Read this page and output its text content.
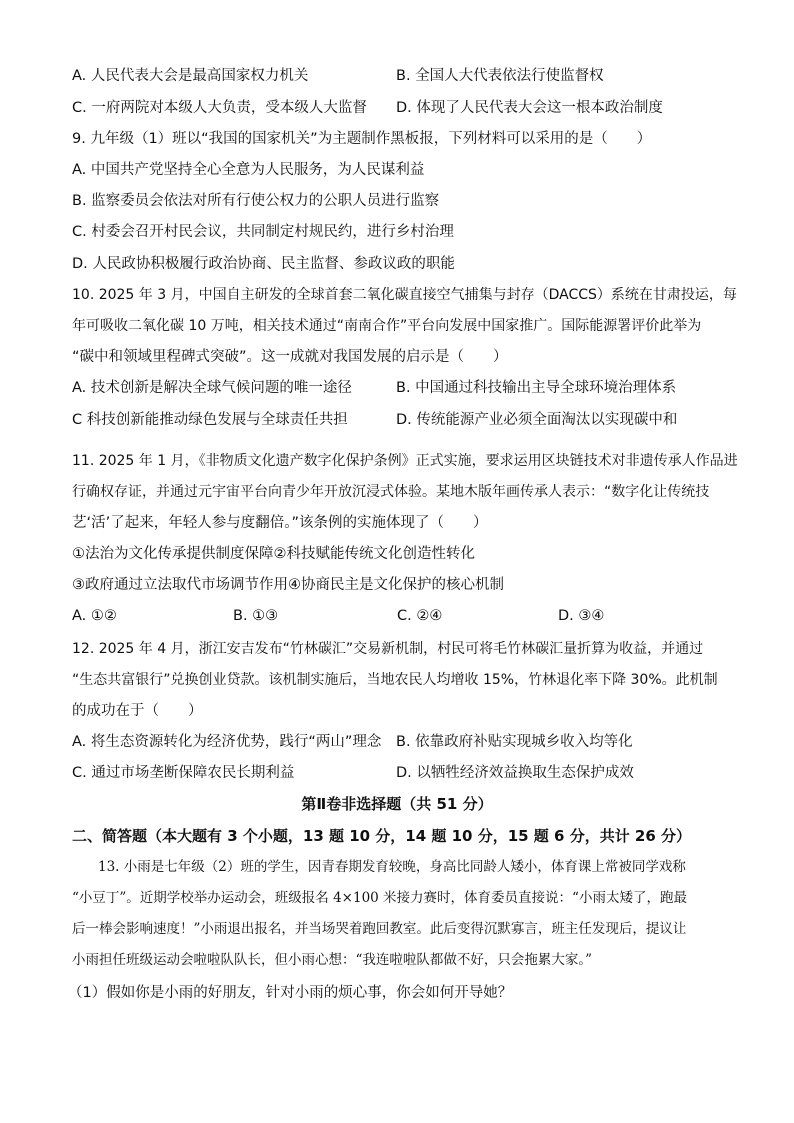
A. 人民代表大会是最高国家权力机关	B. 全国人大代表依法行使监督权
C. 一府两院对本级人大负责，受本级人大监督 D. 体现了人民代表大会这一根本政治制度
9. 九年级（1）班以“我国的国家机关”为主题制作黑板报，下列材料可以采用的是（　　）
A. 中国共产党坚持全心全意为人民服务，为人民谋利益
B. 监察委员会依法对所有行使公权力的公职人员进行监察
C. 村委会召开村民会议，共同制定村规民约，进行乡村治理
D. 人民政协积极履行政治协商、民主监督、参政议政的职能
10. 2025 年 3 月，中国自主研发的全球首套二氧化碳直接空气捕集与封存（DACCS）系统在甘肃投运，每
年可吸收二氧化碳 10 万吨，相关技术通过“南南合作”平台向发展中国家推广。国际能源署评价此举为
“碳中和领域里程碑式突破”。这一成就对我国发展的启示是（　　）
A. 技术创新是解决全球气候问题的唯一途径	B. 中国通过科技输出主导全球环境治理体系
C 科技创新能推动绿色发展与全球责任共担	D. 传统能源产业必须全面淘汰以实现碳中和
11. 2025 年 1 月，《非物质文化遗产数字化保护条例》正式实施，要求运用区块链技术对非遗传承人作品进
行确权存证，并通过元宇宙平台向青少年开放沉浸式体验。某地木版年画传承人表示：“数字化让传统技
艺‘活’了起来，年轻人参与度翻倍。”该条例的实施体现了（　　）
①法治为文化传承提供制度保障②科技赋能传统文化创造性转化
③政府通过立法取代市场调节作用④协商民主是文化保护的核心机制
A. ①②	B. ①③	C. ②④	D. ③④
12. 2025 年 4 月，浙江安吉发布“竹林碳汇”交易新机制，村民可将毛竹林碳汇量折算为收益，并通过
“生态共富银行”兑换创业贷款。该机制实施后，当地农民人均增收 15%，竹林退化率下降 30%。此机制
的成功在于（　　）
A. 将生态资源转化为经济优势，践行“两山”理念 B. 依靠政府补贴实现城乡收入均等化
C. 通过市场垄断保障农民长期利益	D. 以牺牲经济效益换取生态保护成效
第Ⅱ卷非选择题（共 51 分）
二、简答题（本大题有 3 个小题，13 题 10 分，14 题 10 分，15 题 6 分，共计 26 分）
13. 小雨是七年级（2）班的学生，因青春期发育较晚，身高比同龄人矮小，体育课上常被同学戏称
“小豆丁”。近期学校举办运动会，班级报名 4×100 米接力赛时，体育委员直接说：“小雨太矮了，跑最
后一棒会影响速度！”小雨退出报名，并当场哭着跑回教室。此后变得沉默寡言，班主任发现后，提议让
小雨担任班级运动会啦啦队队长，但小雨心想：“我连啦啦队都做不好，只会拖累大家。”
（1）假如你是小雨的好朋友，针对小雨的烦心事，你会如何开导她？
